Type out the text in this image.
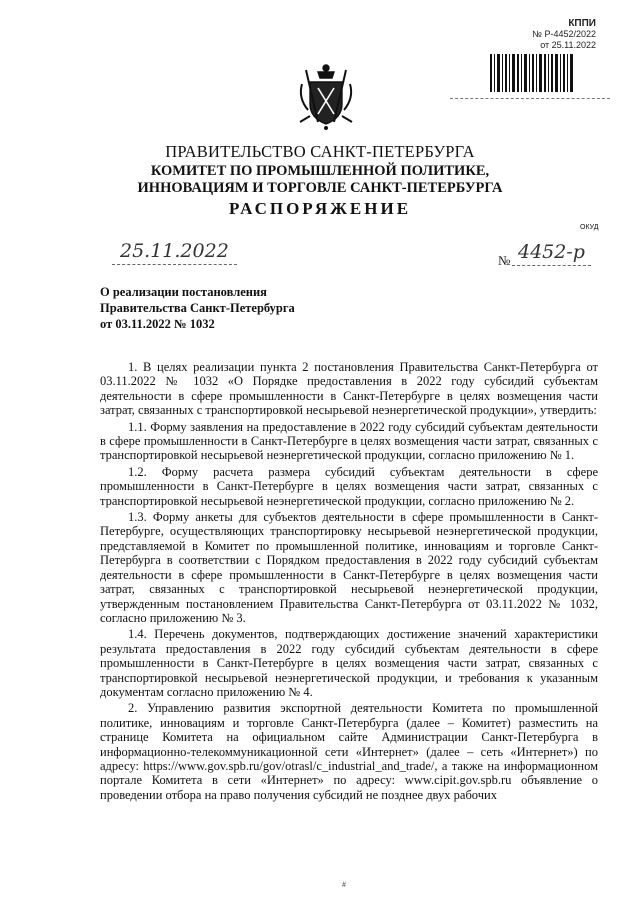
КППИ
№ Р-4452/2022
от 25.11.2022
ПРАВИТЕЛЬСТВО САНКТ-ПЕТЕРБУРГА
КОМИТЕТ ПО ПРОМЫШЛЕННОЙ ПОЛИТИКЕ,
ИННОВАЦИЯМ И ТОРГОВЛЕ САНКТ-ПЕТЕРБУРГА
РАСПОРЯЖЕНИЕ
ОКУД
25.11.2022	№ 4452-р
О реализации постановления
Правительства Санкт-Петербурга
от 03.11.2022 № 1032

1. В целях реализации пункта 2 постановления Правительства Санкт-Петербурга от 03.11.2022 № 1032 «О Порядке предоставления в 2022 году субсидий субъектам деятельности в сфере промышленности в Санкт-Петербурге в целях возмещения части затрат, связанных с транспортировкой несырьевой неэнергетической продукции», утвердить:

1.1. Форму заявления на предоставление в 2022 году субсидий субъектам деятельности в сфере промышленности в Санкт-Петербурге в целях возмещения части затрат, связанных с транспортировкой несырьевой неэнергетической продукции, согласно приложению № 1.

1.2. Форму расчета размера субсидий субъектам деятельности в сфере промышленности в Санкт-Петербурге в целях возмещения части затрат, связанных с транспортировкой несырьевой неэнергетической продукции, согласно приложению № 2.

1.3. Форму анкеты для субъектов деятельности в сфере промышленности в Санкт-Петербурге, осуществляющих транспортировку несырьевой неэнергетической продукции, представляемой в Комитет по промышленной политике, инновациям и торговле Санкт-Петербурга в соответствии с Порядком предоставления в 2022 году субсидий субъектам деятельности в сфере промышленности в Санкт-Петербурге в целях возмещения части затрат, связанных с транспортировкой несырьевой неэнергетической продукции, утвержденным постановлением Правительства Санкт-Петербурга от 03.11.2022 № 1032, согласно приложению № 3.

1.4. Перечень документов, подтверждающих достижение значений характеристики результата предоставления в 2022 году субсидий субъектам деятельности в сфере промышленности в Санкт-Петербурге в целях возмещения части затрат, связанных с транспортировкой несырьевой неэнергетической продукции, и требования к указанным документам согласно приложению № 4.

2. Управлению развития экспортной деятельности Комитета по промышленной политике, инновациям и торговле Санкт-Петербурга (далее – Комитет) разместить на странице Комитета на официальном сайте Администрации Санкт-Петербурга в информационно-телекоммуникационной сети «Интернет» (далее – сеть «Интернет») по адресу: https://www.gov.spb.ru/gov/otrasl/c_industrial_and_trade/, а также на информационном портале Комитета в сети «Интернет» по адресу: www.cipit.gov.spb.ru объявление о проведении отбора на право получения субсидий не позднее двух рабочих

#
